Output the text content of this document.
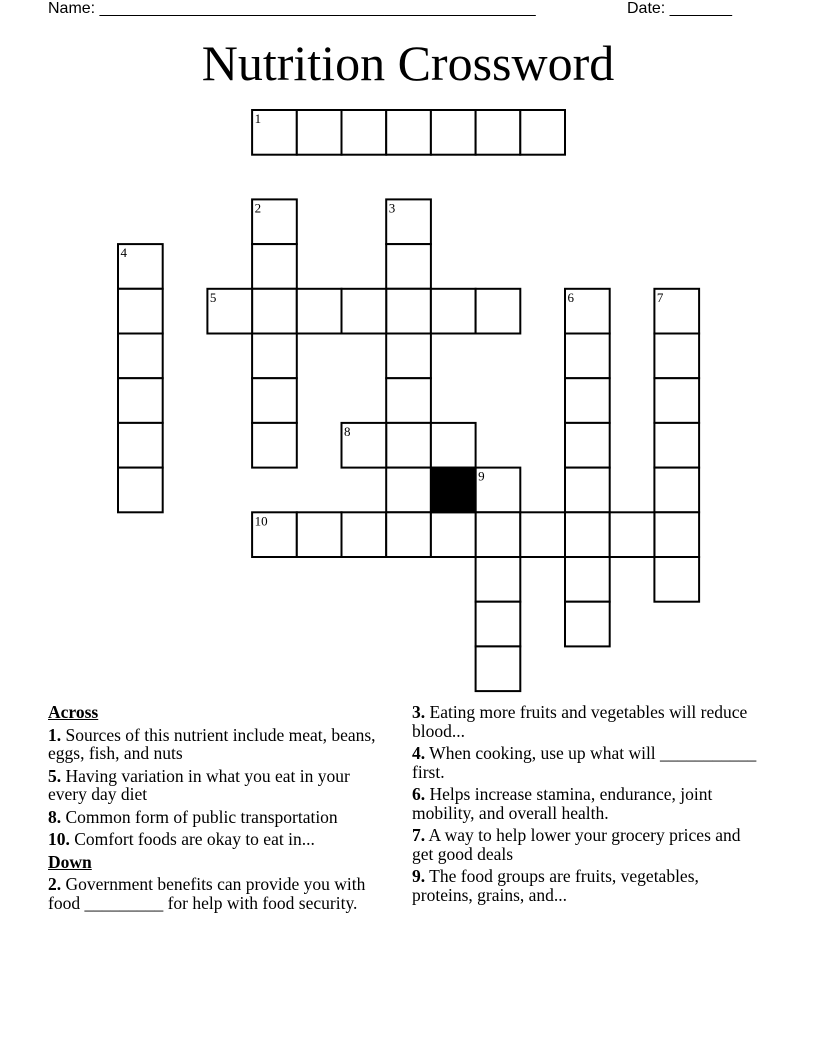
Name: _________________________________________________	Date: _______
Nutrition Crossword
1
2	3
4
5	6	7
8
9
10
Across
1. Sources of this nutrient include meat, beans, eggs, fish, and nuts
5. Having variation in what you eat in your every day diet
8. Common form of public transportation
10. Comfort foods are okay to eat in...
Down
2. Government benefits can provide you with food _________ for help with food security.
3. Eating more fruits and vegetables will reduce blood...
4. When cooking, use up what will ___________ first.
6. Helps increase stamina, endurance, joint mobility, and overall health.
7. A way to help lower your grocery prices and get good deals
9. The food groups are fruits, vegetables, proteins, grains, and...
